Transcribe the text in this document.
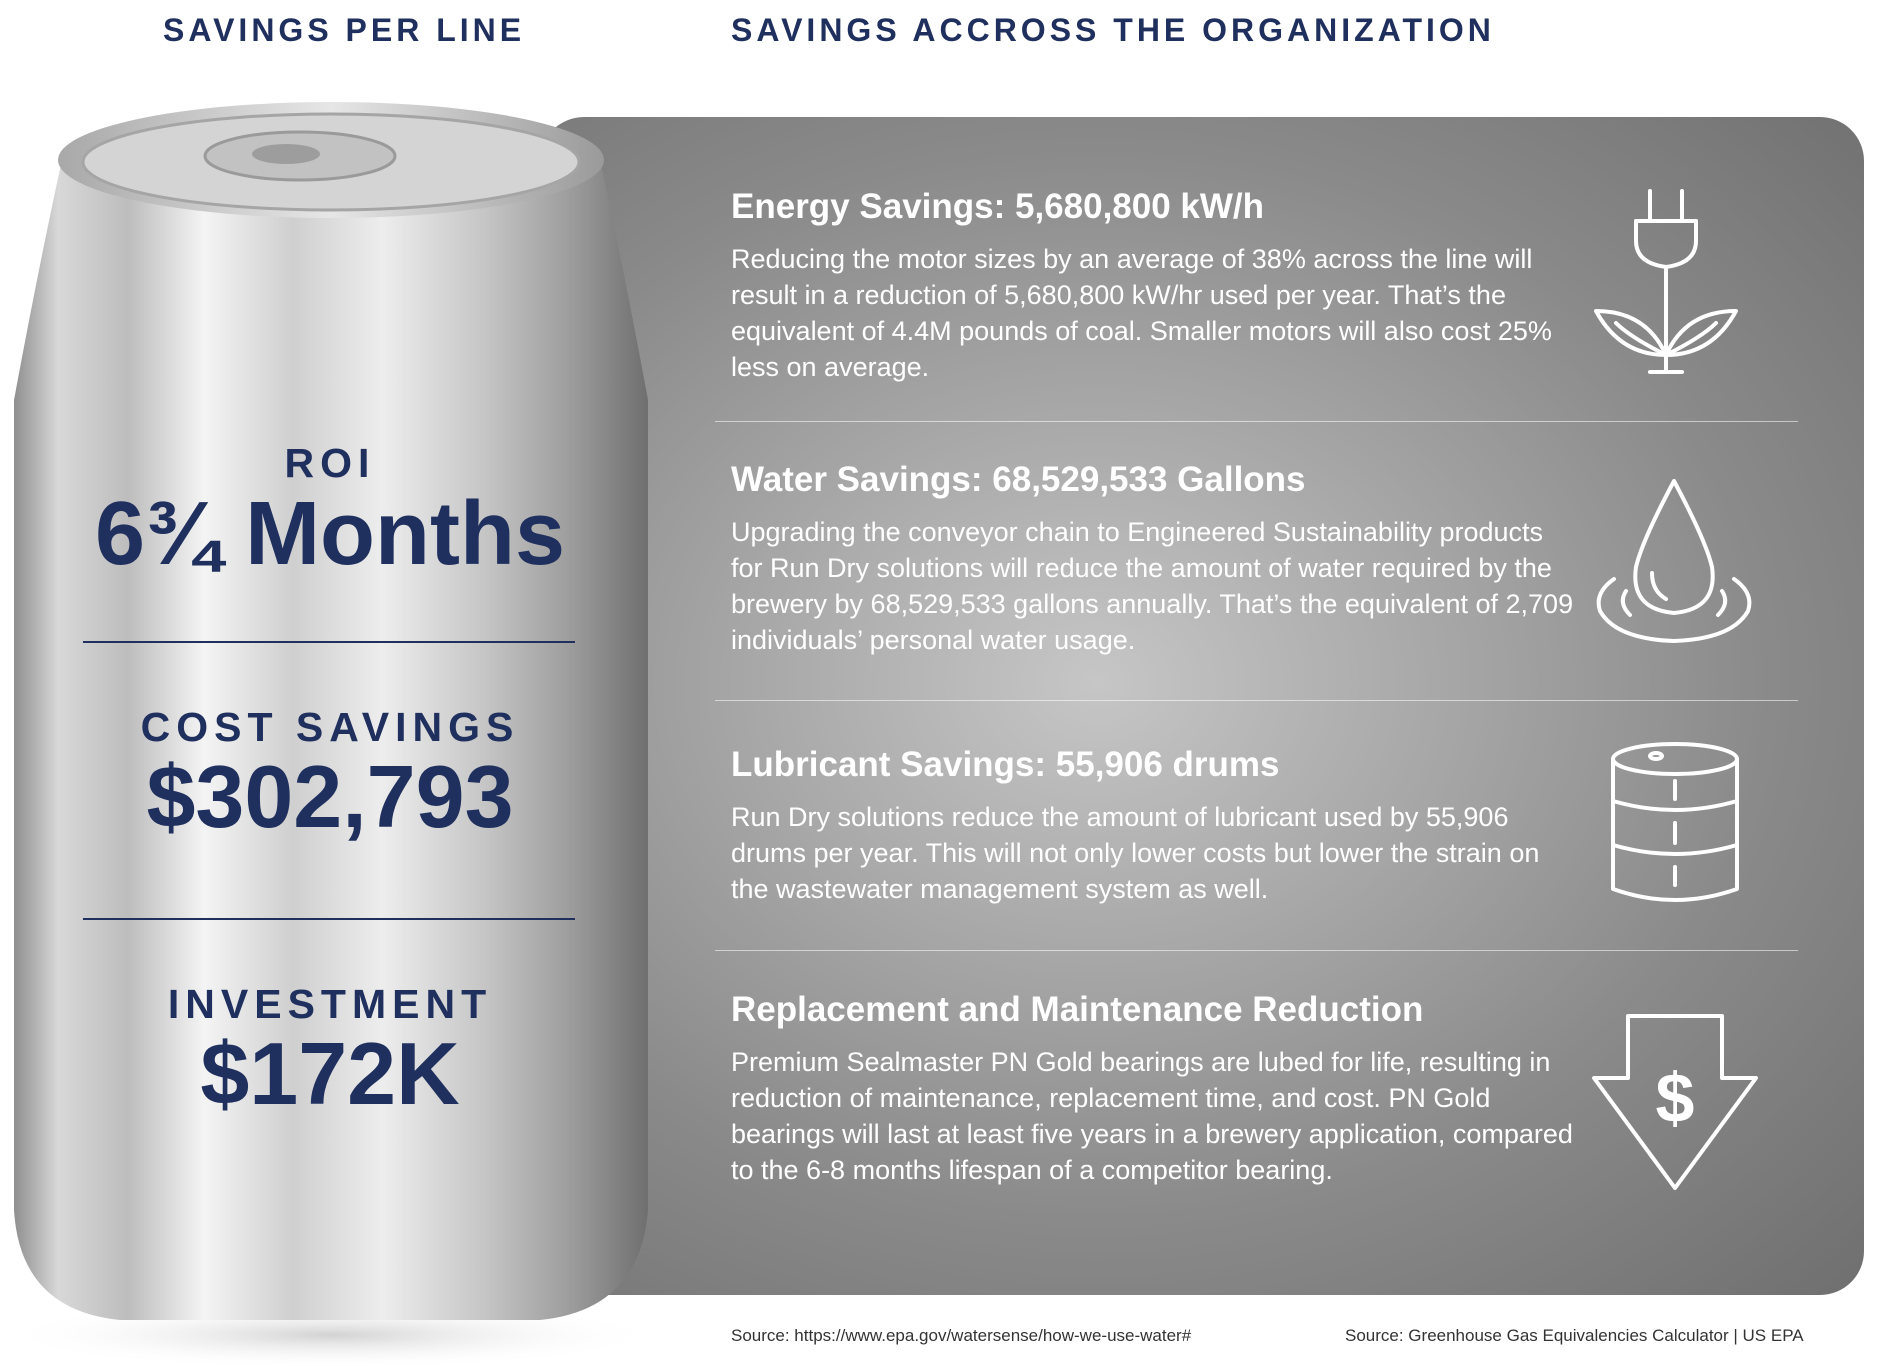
SAVINGS PER LINE	SAVINGS ACCROSS THE ORGANIZATION
Energy Savings: 5,680,800 kW/h

Reducing the motor sizes by an average of 38% across the line will result in a reduction of 5,680,800 kW/hr used per year. That’s the equivalent of 4.4M pounds of coal. Smaller motors will also cost 25% less on average.

Water Savings: 68,529,533 Gallons

Upgrading the conveyor chain to Engineered Sustainability products for Run Dry solutions will reduce the amount of water required by the brewery by 68,529,533 gallons annually. That’s the equivalent of 2,709 individuals’ personal water usage.

Lubricant Savings: 55,906 drums

Run Dry solutions reduce the amount of lubricant used by 55,906 drums per year. This will not only lower costs but lower the strain on the wastewater management system as well.

Replacement and Maintenance Reduction

Premium Sealmaster PN Gold bearings are lubed for life, resulting in reduction of maintenance, replacement time, and cost. PN Gold bearings will last at least five years in a brewery application, compared to the 6-8 months lifespan of a competitor bearing.

$
ROI
6¾ Months
COST SAVINGS
$302,793
INVESTMENT
$172K
Source: https://www.epa.gov/watersense/how-we-use-water#	Source: Greenhouse Gas Equivalencies Calculator | US EPA
